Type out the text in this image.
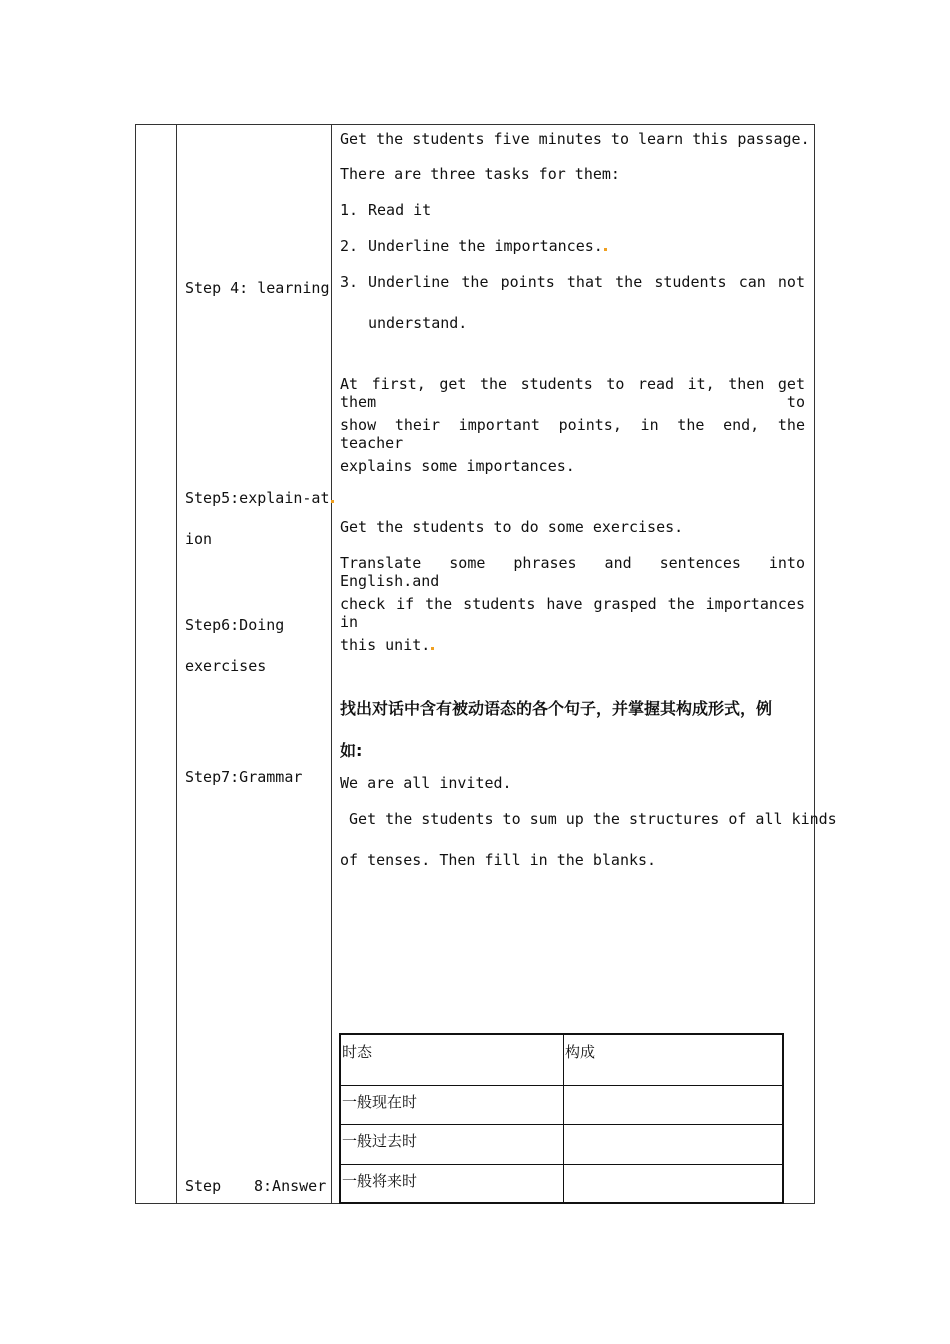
Step 4: learning
Step5:explain-at
ion
Step6:Doing
exercises
Step7:Grammar
Step 8:Answer
Get the students five minutes to learn this passage.
There are three tasks for them:
1. Read it
2. Underline the importances.
3. Underline the points that the students can not
understand.
At first, get the students to read it, then get them to
show their important points, in the end, the teacher
explains some importances.
Get the students to do some exercises.
Translate some phrases and sentences into English.and
check if the students have grasped the importances in
this unit.
找出对话中含有被动语态的各个句子，并掌握其构成形式，例
如:
We are all invited.
Get the students to sum up the structures of all kinds
of tenses. Then fill in the blanks.
时态	构成
一般现在时
一般过去时
一般将来时
